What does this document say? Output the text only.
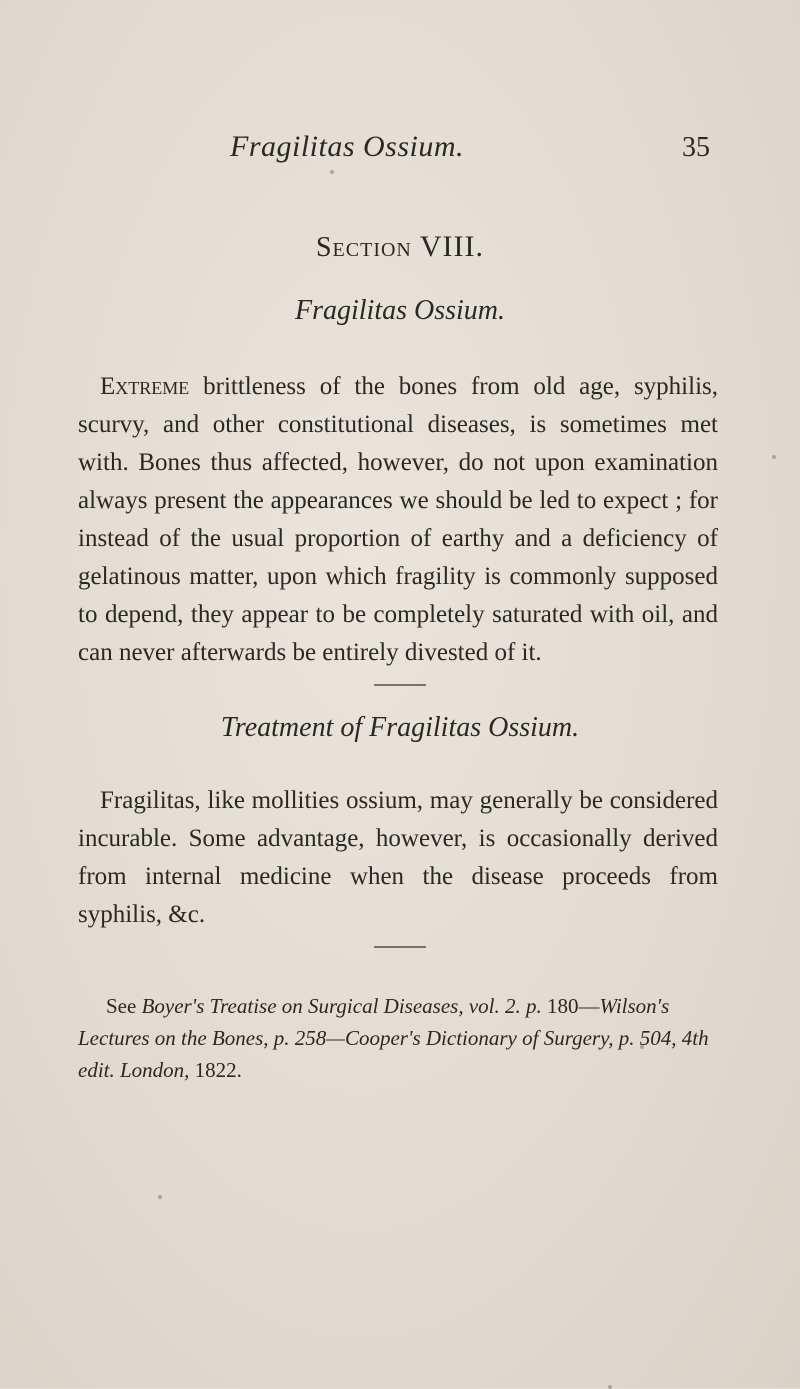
Fragilitas Ossium.	35
Section VIII.
Fragilitas Ossium.

Extreme brittleness of the bones from old age, syphilis, scurvy, and other constitutional diseases, is sometimes met with. Bones thus affected, however, do not upon examination always present the appearances we should be led to expect ; for instead of the usual proportion of earthy and a deficiency of gelatinous matter, upon which fragility is commonly supposed to depend, they appear to be completely saturated with oil, and can never afterwards be entirely divested of it.

Treatment of Fragilitas Ossium.

Fragilitas, like mollities ossium, may generally be considered incurable. Some advantage, however, is occasionally derived from internal medicine when the disease proceeds from syphilis, &c.

See Boyer's Treatise on Surgical Diseases, vol. 2. p. 180—Wilson's Lectures on the Bones, p. 258—Cooper's Dictionary of Surgery, p. 504, 4th edit. London, 1822.
